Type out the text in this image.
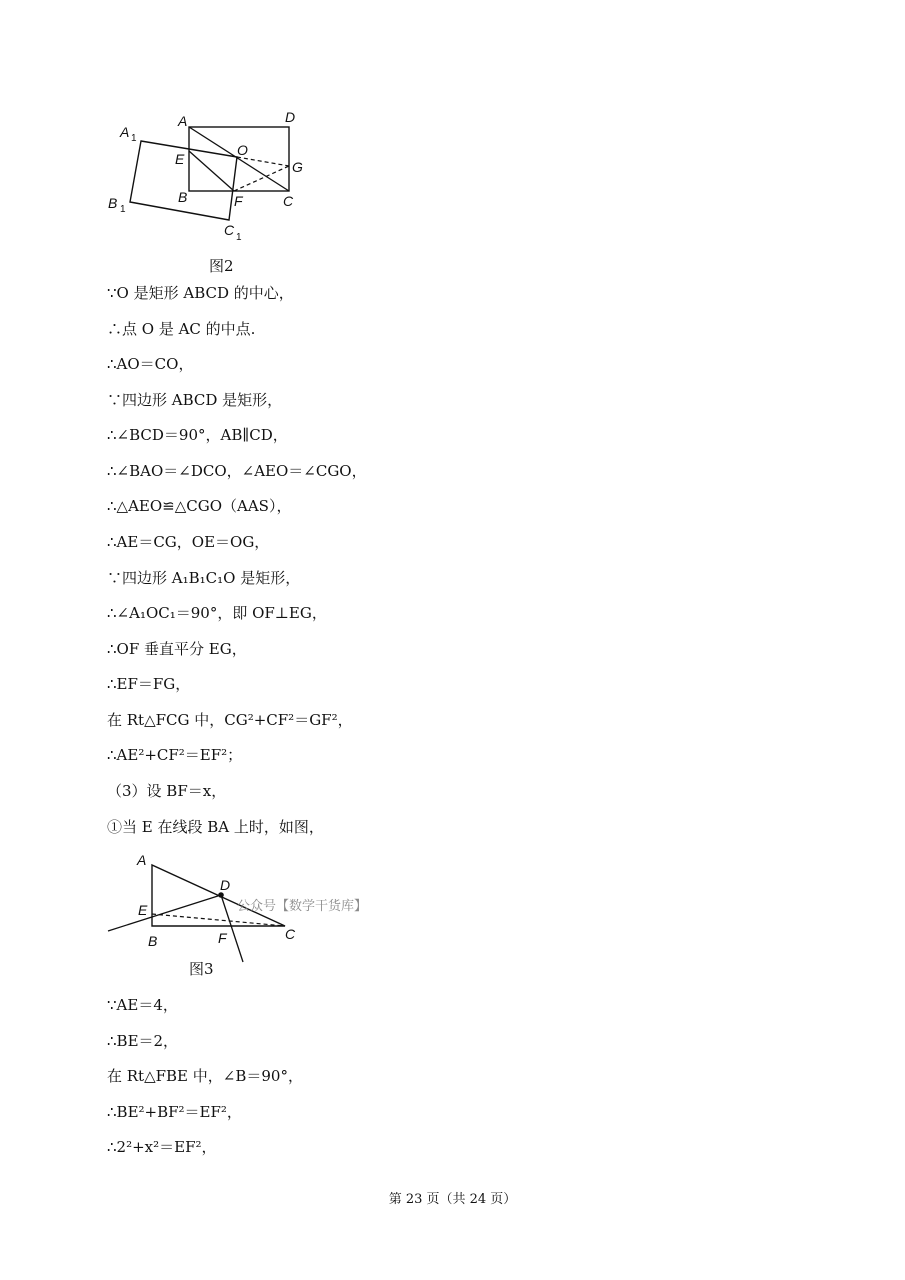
A 1
B 1
C 1
A	D
E
O
G
B	F	C
图2
∵O 是矩形 ABCD 的中心，
∴点 O 是 AC 的中点.
∴AO＝CO，
∵四边形 ABCD 是矩形，
∴∠BCD＝90°，AB∥CD，
∴∠BAO＝∠DCO，∠AEO＝∠CGO，
∴△AEO≌△CGO（AAS），
∴AE＝CG，OE＝OG，
∵四边形 A₁B₁C₁O 是矩形，
∴∠A₁OC₁＝90°，即 OF⊥EG，
∴OF 垂直平分 EG，
∴EF＝FG，
在 Rt△FCG 中，CG²+CF²＝GF²，
∴AE²+CF²＝EF²；
（3）设 BF＝x，
①当 E 在线段 BA 上时，如图，
A
D
E
B	F	C
公众号【数学干货库】
图3
∵AE＝4，
∴BE＝2，
在 Rt△FBE 中，∠B＝90°，
∴BE²+BF²＝EF²，
∴2²+x²＝EF²，
第 23 页（共 24 页）
